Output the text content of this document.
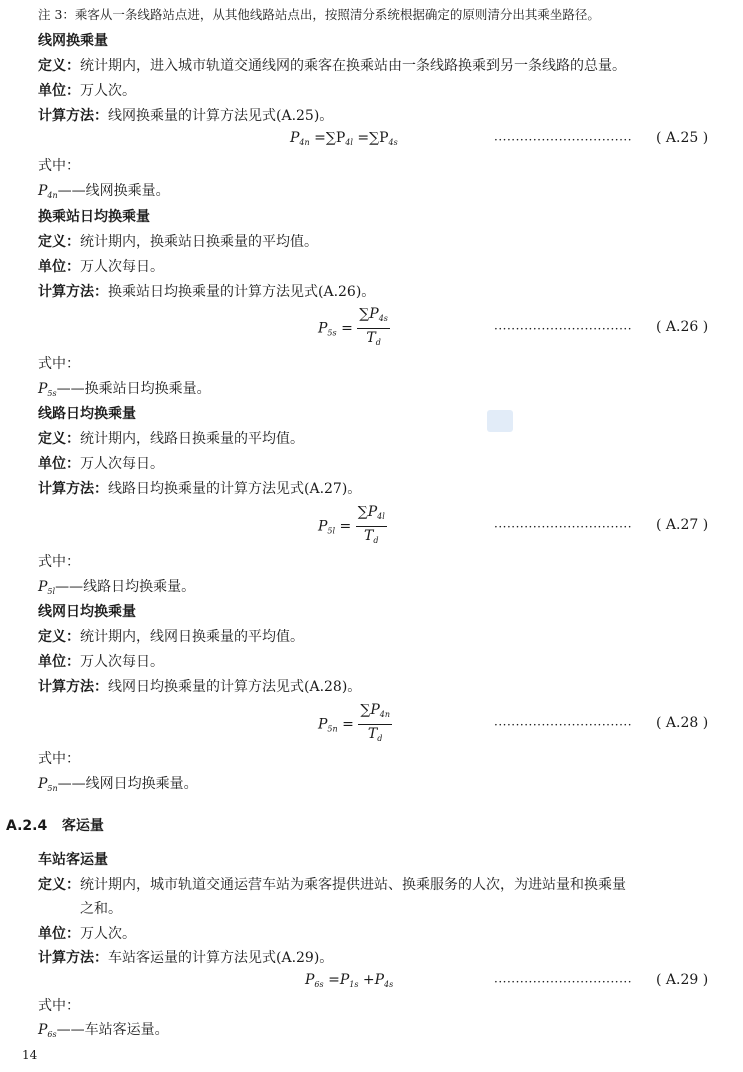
注 3：乘客从一条线路站点进，从其他线路站点出，按照清分系统根据确定的原则清分出其乘坐路径。
线网换乘量
定义：统计期内，进入城市轨道交通线网的乘客在换乘站由一条线路换乘到另一条线路的总量。
单位：万人次。
计算方法：线网换乘量的计算方法见式(A.25)。
$P_{4n} =\sum P_{4l} =\sum P_{4s}$	································ ( A.25 )
式中：
$P_{4n}——$线网换乘量。
换乘站日均换乘量
定义：统计期内，换乘站日换乘量的平均值。
单位：万人次每日。
计算方法：换乘站日均换乘量的计算方法见式(A.26)。
$P_{5s} = \frac{\sum P_{4s}}{T_d}$	································ ( A.26 )
式中：
$P_{5s}——$换乘站日均换乘量。
线路日均换乘量
定义：统计期内，线路日换乘量的平均值。
单位：万人次每日。
计算方法：线路日均换乘量的计算方法见式(A.27)。
$P_{5l} = \frac{\sum P_{4l}}{T_d}$	································ ( A.27 )
式中：
$P_{5l}——$线路日均换乘量。
线网日均换乘量
定义：统计期内，线网日换乘量的平均值。
单位：万人次每日。
计算方法：线网日均换乘量的计算方法见式(A.28)。
$P_{5n} = \frac{\sum P_{4n}}{T_d}$	································ ( A.28 )
式中：
$P_{5n}——$线网日均换乘量。
A.2.4 客运量
车站客运量
定义：统计期内，城市轨道交通运营车站为乘客提供进站、换乘服务的人次，为进站量和换乘量
之和。
单位：万人次。
计算方法：车站客运量的计算方法见式(A.29)。
$P_{6s} =P_{1s} +P_{4s}$	································ ( A.29 )
式中：
$P_{6s}——$车站客运量。
14
